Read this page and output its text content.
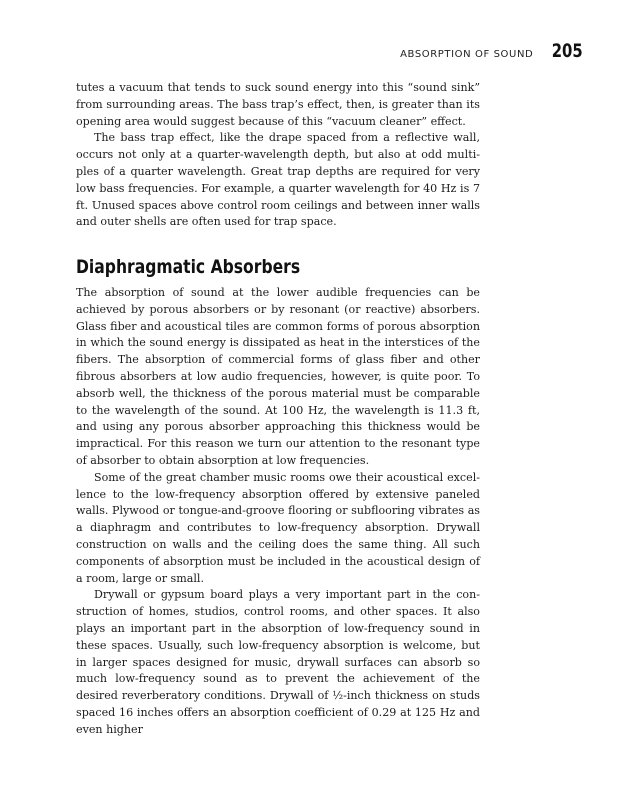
ABSORPTION OF SOUND 205

tutes a vacuum that tends to suck sound energy into this “sound sink” from surrounding areas. The bass trap’s effect, then, is greater than its opening area would suggest because of this “vacuum cleaner” effect.

The bass trap effect, like the drape spaced from a reflective wall, occurs not only at a quarter-wavelength depth, but also at odd multiples of a quarter wavelength. Great trap depths are required for very low bass frequencies. For example, a quarter wavelength for 40 Hz is 7 ft. Unused spaces above control room ceilings and between inner walls and outer shells are often used for trap space.

Diaphragmatic Absorbers

The absorption of sound at the lower audible frequencies can be achieved by porous absorbers or by resonant (or reactive) absorbers. Glass fiber and acoustical tiles are common forms of porous absorption in which the sound energy is dissipated as heat in the interstices of the fibers. The absorption of commercial forms of glass fiber and other fibrous absorbers at low audio frequencies, however, is quite poor. To absorb well, the thickness of the porous material must be comparable to the wavelength of the sound. At 100 Hz, the wavelength is 11.3 ft, and using any porous absorber approaching this thickness would be impractical. For this reason we turn our attention to the resonant type of absorber to obtain absorption at low frequencies.

Some of the great chamber music rooms owe their acoustical excellence to the low-frequency absorption offered by extensive paneled walls. Plywood or tongue-and-groove flooring or subflooring vibrates as a diaphragm and contributes to low-frequency absorption. Drywall construction on walls and the ceiling does the same thing. All such components of absorption must be included in the acoustical design of a room, large or small.

Drywall or gypsum board plays a very important part in the construction of homes, studios, control rooms, and other spaces. It also plays an important part in the absorption of low-frequency sound in these spaces. Usually, such low-frequency absorption is welcome, but in larger spaces designed for music, drywall surfaces can absorb so much low-frequency sound as to prevent the achievement of the desired reverberatory conditions. Drywall of ½-inch thickness on studs spaced 16 inches offers an absorption coefficient of 0.29 at 125 Hz and even higher
